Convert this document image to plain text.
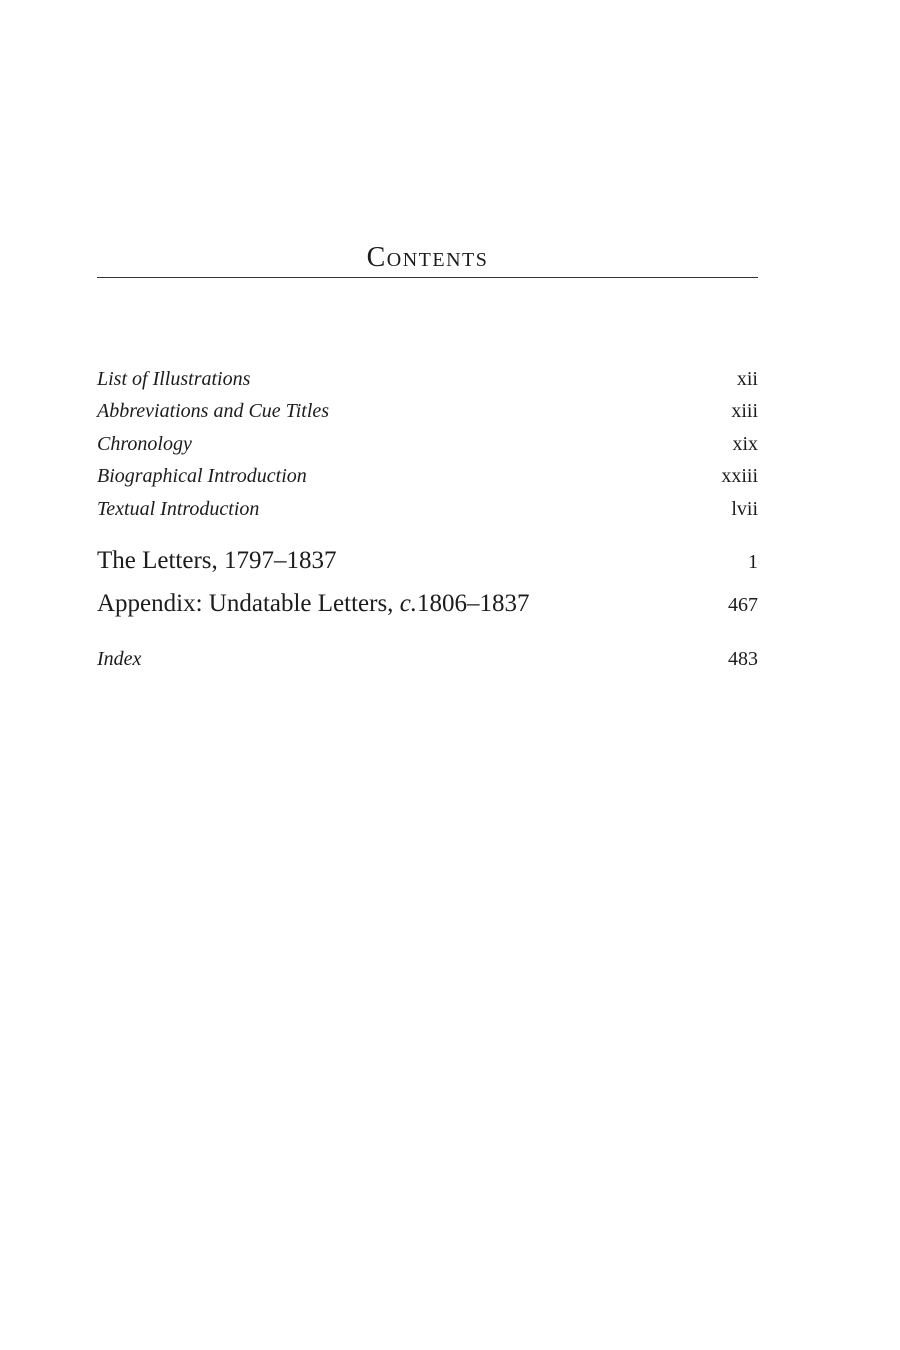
Contents
List of Illustrations	xii
Abbreviations and Cue Titles	xiii
Chronology	xix
Biographical Introduction	xxiii
Textual Introduction	lvii
The Letters, 1797–1837	1
Appendix: Undatable Letters, c.1806–1837	467
Index	483
